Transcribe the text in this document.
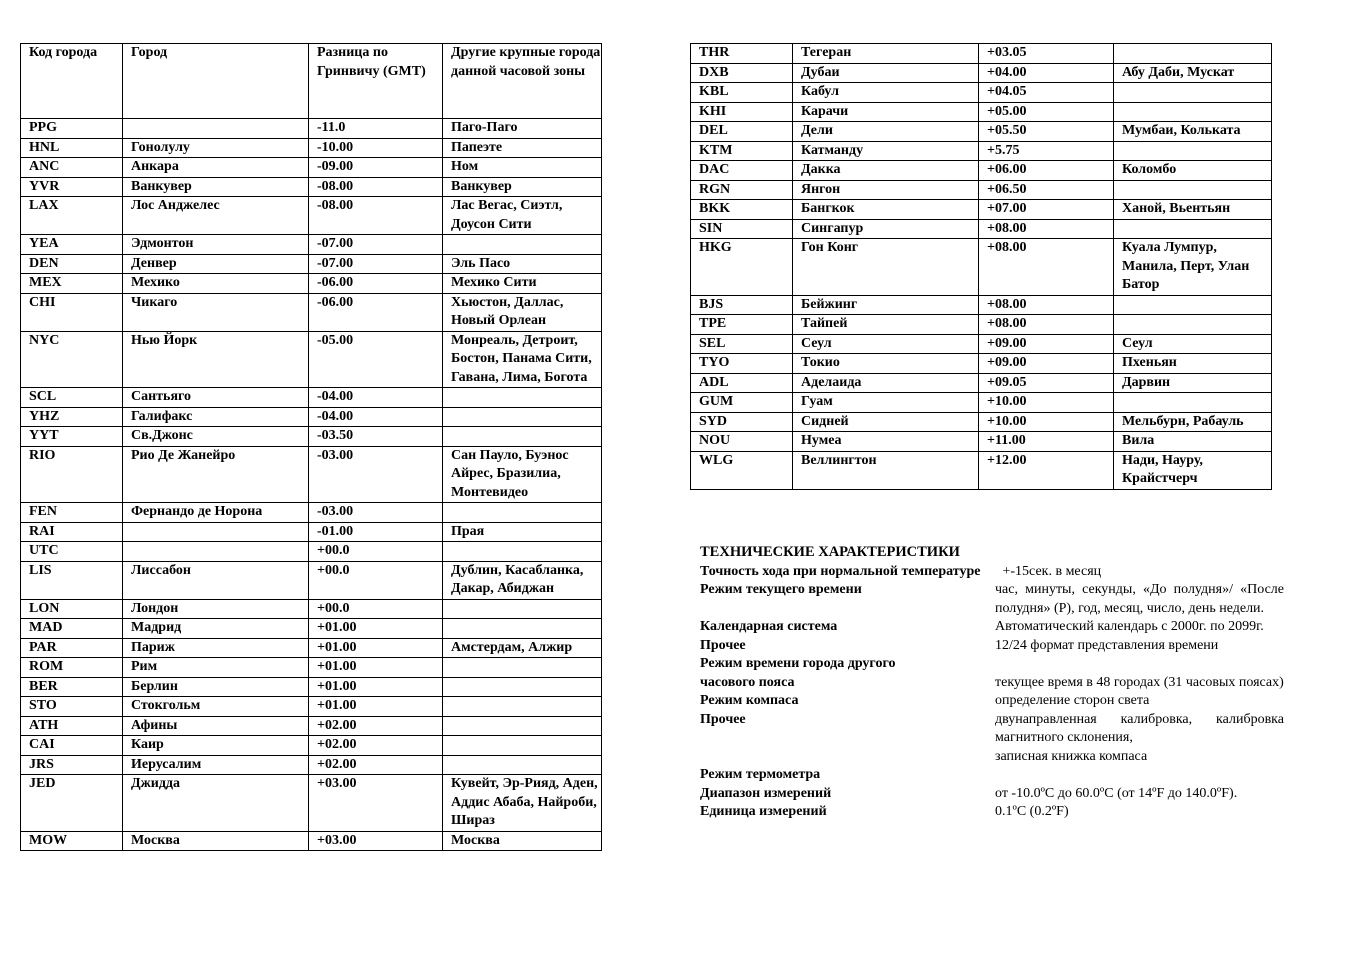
Код города	Город	Разница по Гринвичу (GMT)	Другие крупные города данной часовой зоны
PPG		-11.0	Паго-Паго
HNL	Гонолулу	-10.00	Папеэте
ANC	Анкара	-09.00	Ном
YVR	Ванкувер	-08.00	Ванкувер
LAX	Лос Анджелес	-08.00	Лас Вегас, Сиэтл, Доусон Сити
YEA	Эдмонтон	-07.00	
DEN	Денвер	-07.00	Эль Пасо
MEX	Мехико	-06.00	Мехико Сити
CHI	Чикаго	-06.00	Хьюстон, Даллас, Новый Орлеан
NYC	Нью Йорк	-05.00	Монреаль, Детроит, Бостон, Панама Сити, Гавана, Лима, Богота
SCL	Сантьяго	-04.00	
YHZ	Галифакс	-04.00	
YYT	Св.Джонс	-03.50	
RIO	Рио Де Жанейро	-03.00	Сан Пауло, Буэнос Айрес, Бразилиа, Монтевидео
FEN	Фернандо де Норона	-03.00	
RAI		-01.00	Прая
UTC		+00.0	
LIS	Лиссабон	+00.0	Дублин, Касабланка, Дакар, Абиджан
LON	Лондон	+00.0	
MAD	Мадрид	+01.00	
PAR	Париж	+01.00	Амстердам, Алжир
ROM	Рим	+01.00	
BER	Берлин	+01.00	
STO	Стокгольм	+01.00	
ATH	Афины	+02.00	
CAI	Каир	+02.00	
JRS	Иерусалим	+02.00	
JED	Джидда	+03.00	Кувейт, Эр-Рияд, Аден, Аддис Абаба, Найроби, Шираз
MOW	Москва	+03.00	Москва
THR	Тегеран	+03.05	
DXB	Дубаи	+04.00	Абу Даби, Мускат
KBL	Кабул	+04.05	
KHI	Карачи	+05.00	
DEL	Дели	+05.50	Мумбаи, Кольката
KTM	Катманду	+5.75	
DAC	Дакка	+06.00	Коломбо
RGN	Янгон	+06.50	
BKK	Бангкок	+07.00	Ханой, Вьентьян
SIN	Сингапур	+08.00	
HKG	Гон Конг	+08.00	Куала Лумпур, Манила, Перт, Улан Батор
BJS	Бейжинг	+08.00	
TPE	Тайпей	+08.00	
SEL	Сеул	+09.00	Сеул
TYO	Токио	+09.00	Пхеньян
ADL	Аделаида	+09.05	Дарвин
GUM	Гуам	+10.00	
SYD	Сидней	+10.00	Мельбурн, Рабауль
NOU	Нумеа	+11.00	Вила
WLG	Веллингтон	+12.00	Нади, Науру, Крайстчерч
ТЕХНИЧЕСКИЕ ХАРАКТЕРИСТИКИ
Точность хода при нормальной температуре +-15сек. в месяц
Режим текущего времени	час, минуты, секунды, «До полудня»/ «После полудня» (Р), год, месяц, число, день недели.
Календарная система	Автоматический календарь с 2000г. по 2099г.
Прочее	12/24 формат представления времени
Режим времени города другого
часового пояса	текущее время в 48 городах (31 часовых поясах)
Режим компаса	определение сторон света
Прочее	двунаправленная калибровка, калибровка магнитного склонения,
записная книжка компаса
Режим термометра
Диапазон измерений	от -10.0ºC до 60.0ºC (от 14ºF до 140.0ºF).
Единица измерений	0.1ºC (0.2ºF)
